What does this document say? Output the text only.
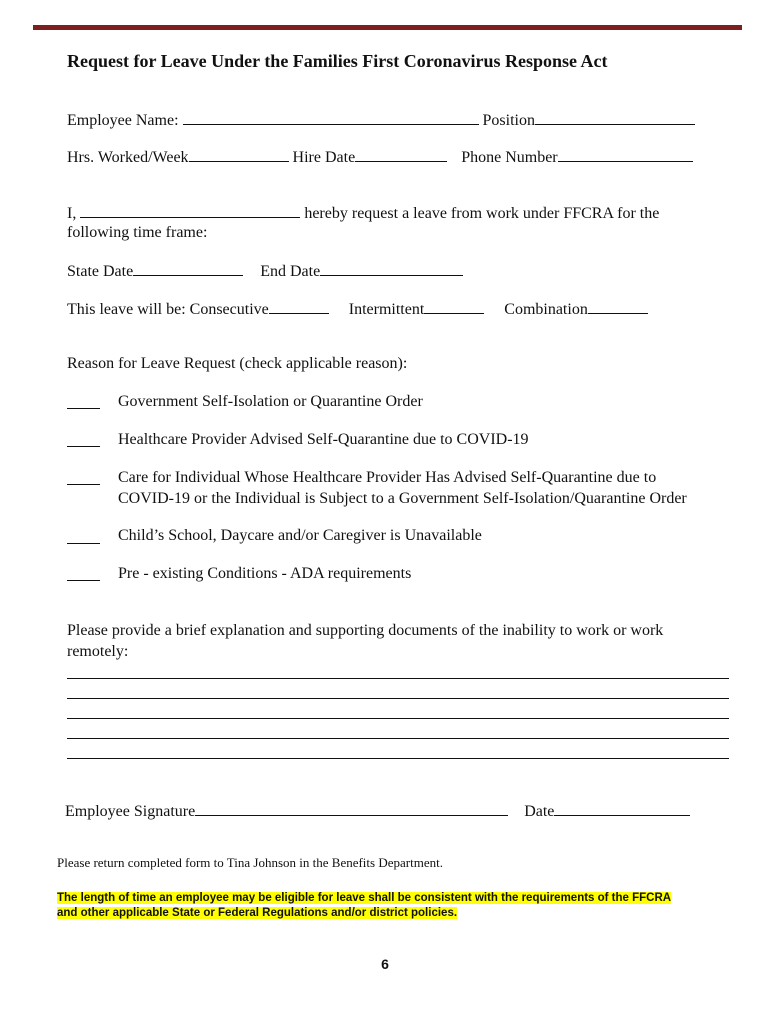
Request for Leave Under the Families First Coronavirus Response Act
Employee Name:	Position
Hrs. Worked/Week	Hire Date	Phone Number
I,	hereby request a leave from work under FFCRA for the
following time frame:
State Date	End Date
This leave will be: Consecutive	Intermittent	Combination
Reason for Leave Request (check applicable reason):
Government Self-Isolation or Quarantine Order
Healthcare Provider Advised Self-Quarantine due to COVID-19
Care for Individual Whose Healthcare Provider Has Advised Self-Quarantine due to
COVID-19 or the Individual is Subject to a Government Self-Isolation/Quarantine Order
Child’s School, Daycare and/or Caregiver is Unavailable
Pre - existing Conditions - ADA requirements
Please provide a brief explanation and supporting documents of the inability to work or work
remotely:
Employee Signature	Date
Please return completed form to Tina Johnson in the Benefits Department.
The length of time an employee may be eligible for leave shall be consistent with the requirements of the FFCRA
and other applicable State or Federal Regulations and/or district policies.
6
